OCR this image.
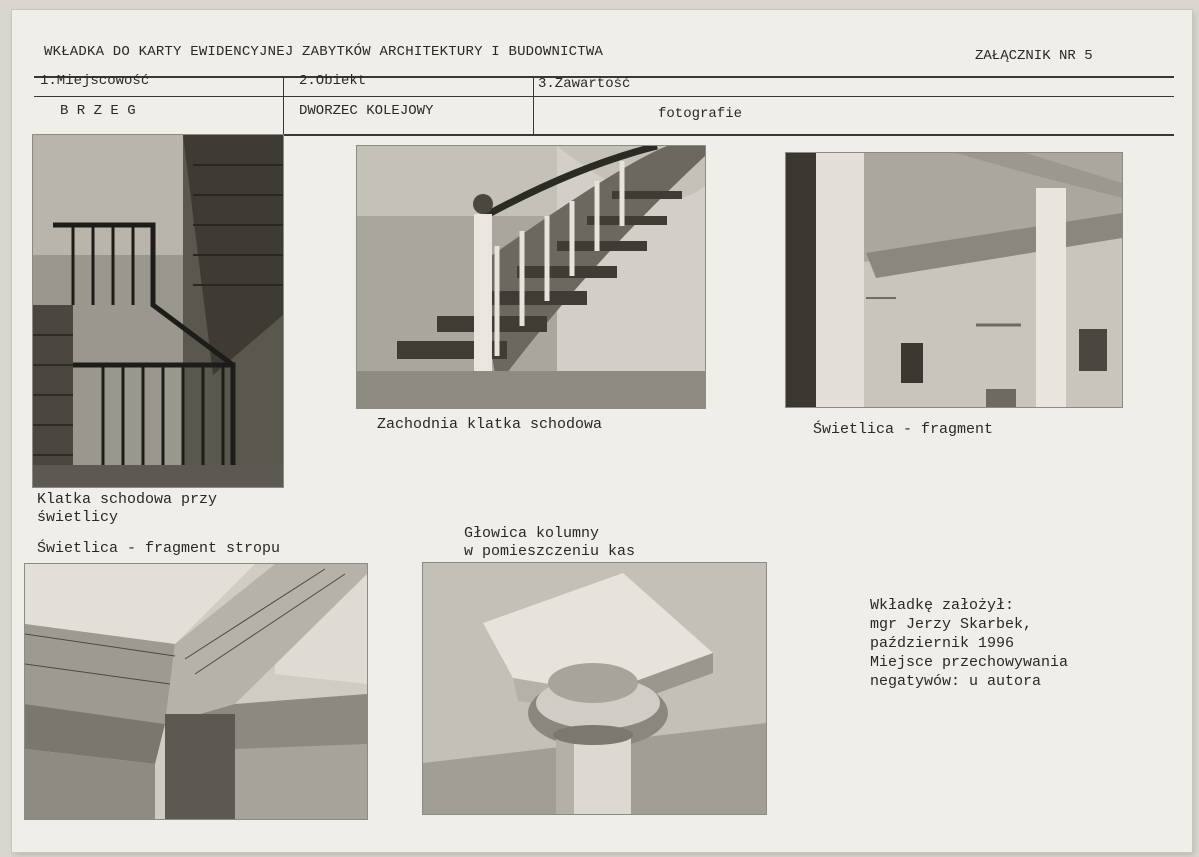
WKŁADKA DO KARTY EWIDENCYJNEJ ZABYTKÓW ARCHITEKTURY I BUDOWNICTWA	ZAŁĄCZNIK NR 5
1.Miejscowość
B R Z E G
2.Obiekt
DWORZEC KOLEJOWY
3.Zawartość
fotografie
Klatka schodowa przy
świetlicy
Zachodnia klatka schodowa	Świetlica - fragment
Świetlica - fragment stropu
Głowica kolumny
w pomieszczeniu kas
Wkładkę założył:
mgr Jerzy Skarbek,
październik 1996
Miejsce przechowywania
negatywów: u autora
